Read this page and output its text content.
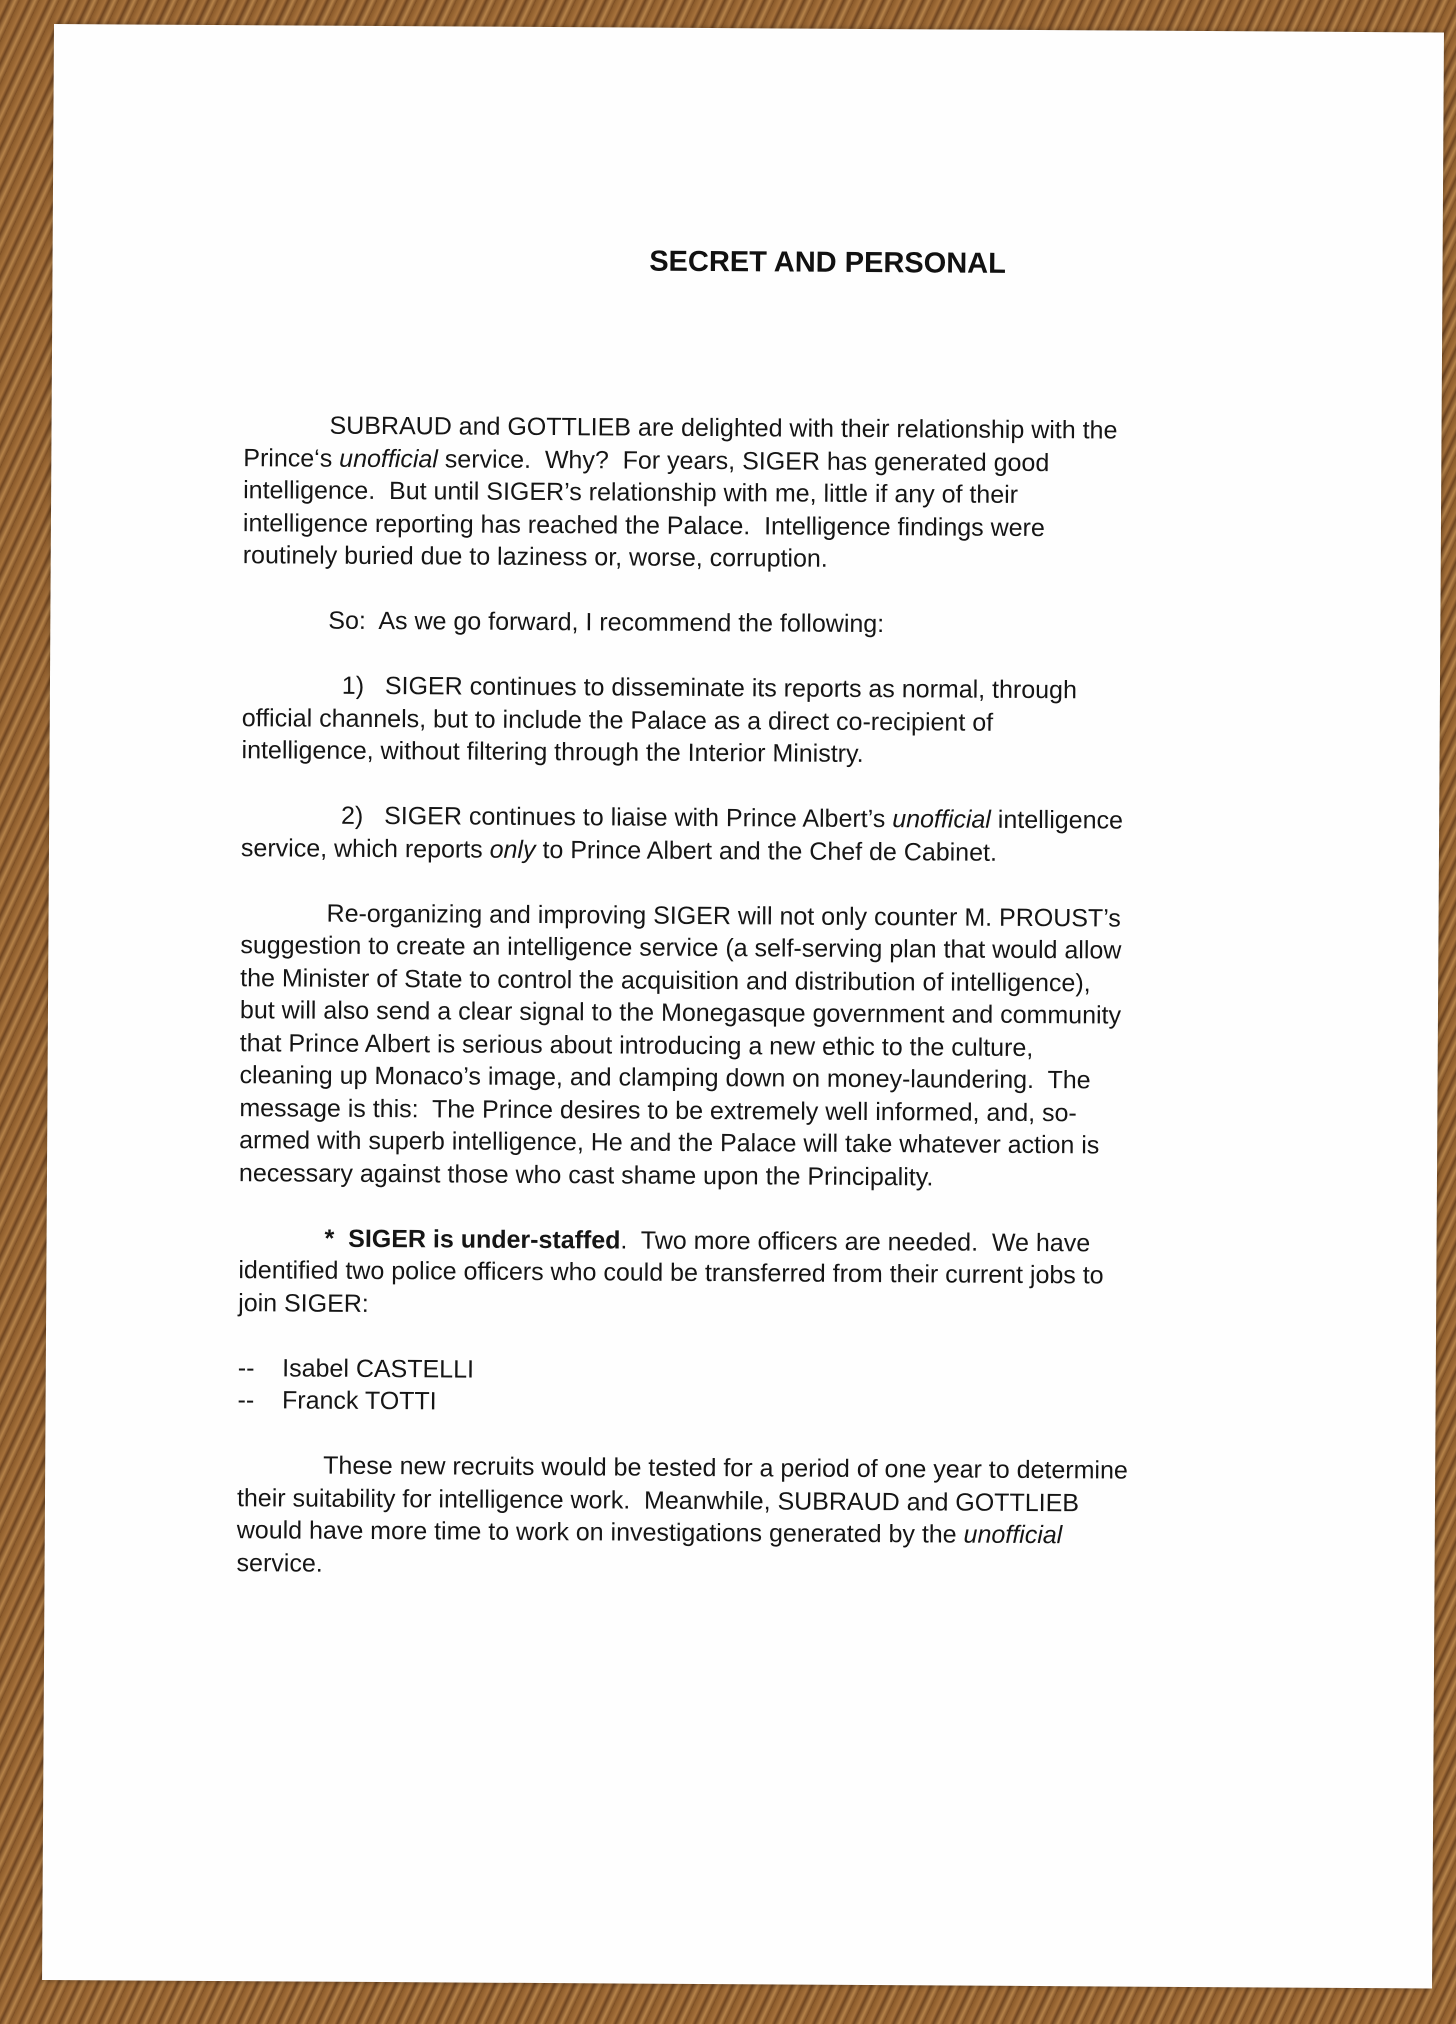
SECRET AND PERSONAL
SUBRAUD and GOTTLIEB are delighted with their relationship with the
Prince‘s unofficial service.  Why?  For years, SIGER has generated good
intelligence.  But until SIGER’s relationship with me, little if any of their
intelligence reporting has reached the Palace.  Intelligence findings were
routinely buried due to laziness or, worse, corruption.
So:  As we go forward, I recommend the following:
1)   SIGER continues to disseminate its reports as normal, through
official channels, but to include the Palace as a direct co-recipient of
intelligence, without filtering through the Interior Ministry.
2)   SIGER continues to liaise with Prince Albert’s unofficial intelligence
service, which reports only to Prince Albert and the Chef de Cabinet.
Re-organizing and improving SIGER will not only counter M. PROUST’s
suggestion to create an intelligence service (a self-serving plan that would allow
the Minister of State to control the acquisition and distribution of intelligence),
but will also send a clear signal to the Monegasque government and community
that Prince Albert is serious about introducing a new ethic to the culture,
cleaning up Monaco’s image, and clamping down on money-laundering.  The
message is this:  The Prince desires to be extremely well informed, and, so-
armed with superb intelligence, He and the Palace will take whatever action is
necessary against those who cast shame upon the Principality.
*  SIGER is under-staffed.  Two more officers are needed.  We have
identified two police officers who could be transferred from their current jobs to
join SIGER:
--    Isabel CASTELLI
--    Franck TOTTI
These new recruits would be tested for a period of one year to determine
their suitability for intelligence work.  Meanwhile, SUBRAUD and GOTTLIEB
would have more time to work on investigations generated by the unofficial
service.
